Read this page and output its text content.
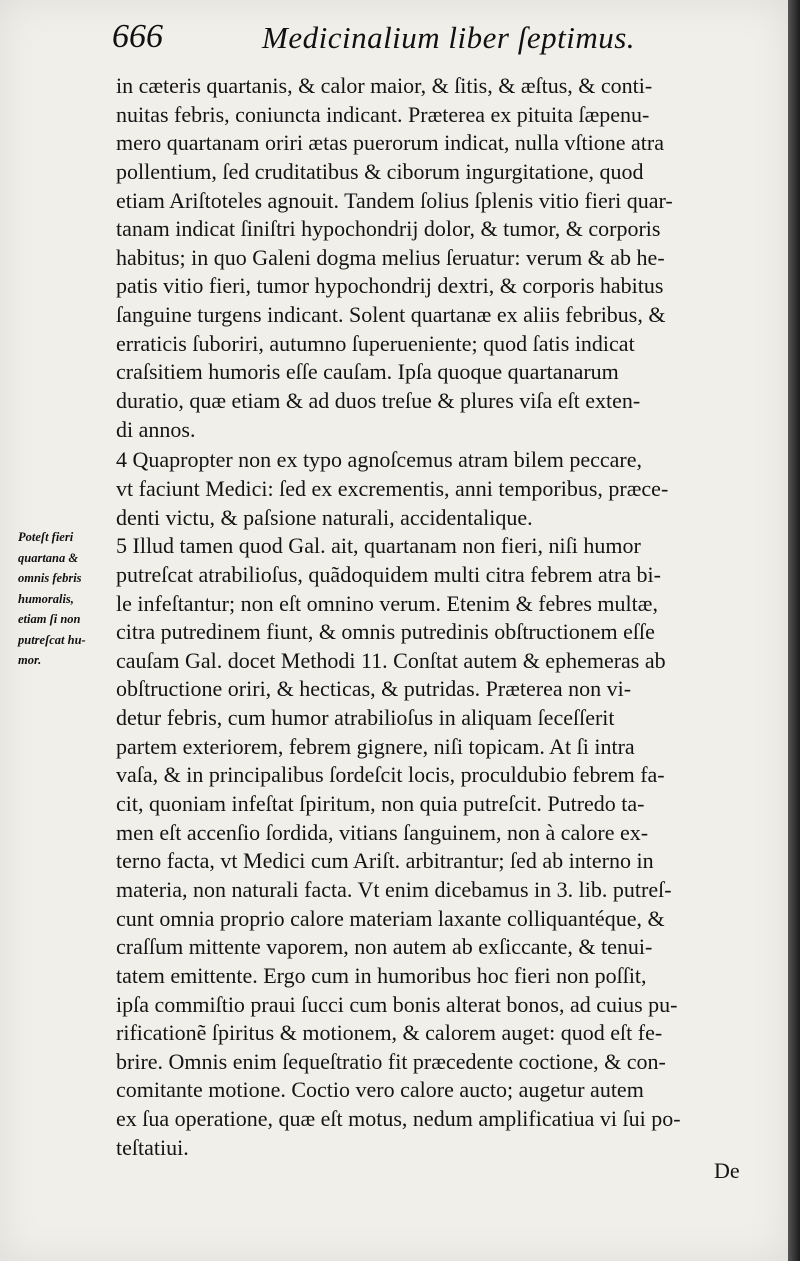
666	Medicinalium liber ſeptimus.
in cæteris quartanis, & calor maior, & ſitis, & æſtus, & conti-
nuitas febris, coniuncta indicant. Præterea ex pituita ſæpenu-
mero quartanam oriri ætas puerorum indicat, nulla vſtione atra
pollentium, ſed cruditatibus & ciborum ingurgitatione, quod
etiam Ariſtoteles agnouit. Tandem ſolius ſplenis vitio fieri quar-
tanam indicat ſiniſtri hypochondrij dolor, & tumor, & corporis
habitus; in quo Galeni dogma melius ſeruatur: verum & ab he-
patis vitio fieri, tumor hypochondrij dextri, & corporis habitus
ſanguine turgens indicant. Solent quartanæ ex aliis febribus, &
erraticis ſuboriri, autumno ſuperueniente; quod ſatis indicat
craſsitiem humoris eſſe cauſam. Ipſa quoque quartanarum
duratio, quæ etiam & ad duos treſue & plures viſa eſt exten-
di annos.
4 Quapropter non ex typo agnoſcemus atram bilem peccare,
vt faciunt Medici: ſed ex excrementis, anni temporibus, præce-
denti victu, & paſsione naturali, accidentalique.
5 Illud tamen quod Gal. ait, quartanam non fieri, niſi humor
putreſcat atrabilioſus, quãdoquidem multi citra febrem atra bi-
le infeſtantur; non eſt omnino verum. Etenim & febres multæ,
citra putredinem fiunt, & omnis putredinis obſtructionem eſſe
cauſam Gal. docet Methodi 11. Conſtat autem & ephemeras ab
obſtructione oriri, & hecticas, & putridas. Præterea non vi-
detur febris, cum humor atrabilioſus in aliquam ſeceſſerit
partem exteriorem, febrem gignere, niſi topicam. At ſi intra
vaſa, & in principalibus ſordeſcit locis, proculdubio febrem fa-
cit, quoniam infeſtat ſpiritum, non quia putreſcit. Putredo ta-
men eſt accenſio ſordida, vitians ſanguinem, non à calore ex-
terno facta, vt Medici cum Ariſt. arbitrantur; ſed ab interno in
materia, non naturali facta. Vt enim dicebamus in 3. lib. putreſ-
cunt omnia proprio calore materiam laxante colliquantéque, &
craſſum mittente vaporem, non autem ab exſiccante, & tenui-
tatem emittente. Ergo cum in humoribus hoc fieri non poſſit,
ipſa commiſtio praui ſucci cum bonis alterat bonos, ad cuius pu-
rificationẽ ſpiritus & motionem, & calorem auget: quod eſt fe-
brire. Omnis enim ſequeſtratio fit præcedente coctione, & con-
comitante motione. Coctio vero calore aucto; augetur autem
ex ſua operatione, quæ eſt motus, nedum amplificatiua vi ſui po-
teſtatiui.
Poteſt fieri
quartana &
omnis febris
humoralis,
etiam ſi non
putreſcat hu-
mor.
De
